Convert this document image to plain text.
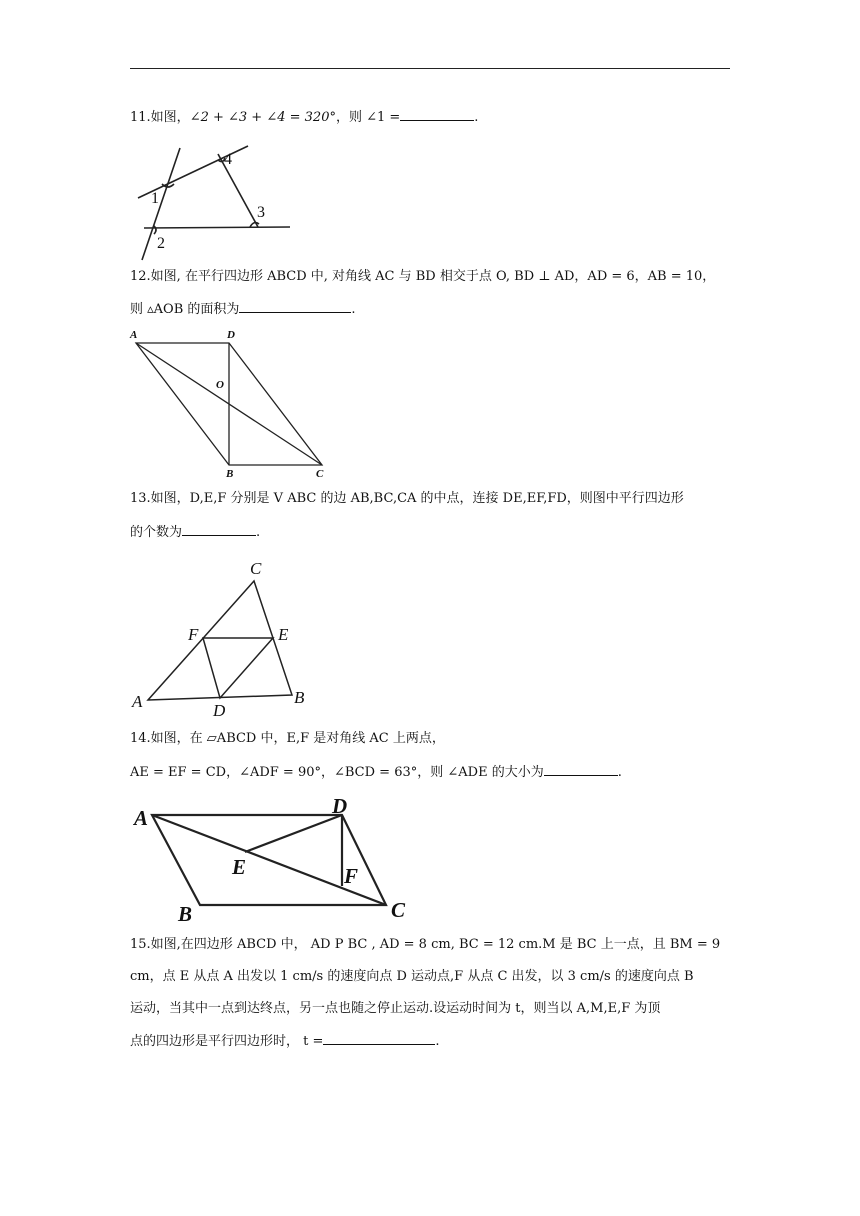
11.如图，∠2 + ∠3 + ∠4 = 320°，则 ∠1 =	.
1
2
3
4
12.如图, 在平行四边形 ABCD 中, 对角线 AC 与 BD 相交于点 O, BD ⊥ AD，AD = 6，AB = 10，
则 ▵AOB 的面积为	.
A	D
O
B	C
13.如图，D,E,F 分别是 V ABC 的边 AB,BC,CA 的中点，连接 DE,EF,FD，则图中平行四边形
的个数为	.
A	B
C
D
E
F
14.如图，在 ▱ABCD 中，E,F 是对角线 AC 上两点，
AE = EF = CD，∠ADF = 90°，∠BCD = 63°，则 ∠ADE 的大小为	.
A	D
E	F
B	C
15.如图,在四边形 ABCD 中， AD P BC , AD = 8 cm, BC = 12 cm.M 是 BC 上一点，且 BM = 9
cm，点 E 从点 A 出发以 1 cm/s 的速度向点 D 运动点,F 从点 C 出发，以 3 cm/s 的速度向点 B
运动，当其中一点到达终点，另一点也随之停止运动.设运动时间为 t，则当以 A,M,E,F 为顶
点的四边形是平行四边形时， t =	.
